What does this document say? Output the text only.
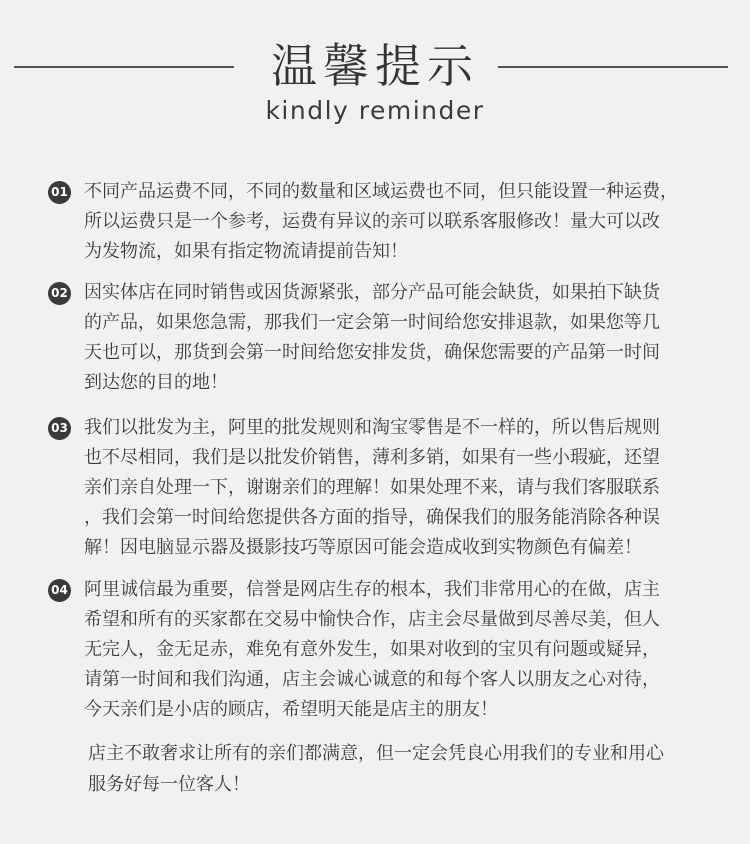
温馨提示
kindly reminder
01 不同产品运费不同，不同的数量和区域运费也不同，但只能设置一种运费，
所以运费只是一个参考，运费有异议的亲可以联系客服修改！量大可以改
为发物流，如果有指定物流请提前告知！
02 因实体店在同时销售或因货源紧张，部分产品可能会缺货，如果拍下缺货
的产品，如果您急需，那我们一定会第一时间给您安排退款，如果您等几
天也可以，那货到会第一时间给您安排发货，确保您需要的产品第一时间
到达您的目的地！
03 我们以批发为主，阿里的批发规则和淘宝零售是不一样的，所以售后规则
也不尽相同，我们是以批发价销售，薄利多销，如果有一些小瑕疵，还望
亲们亲自处理一下，谢谢亲们的理解！如果处理不来，请与我们客服联系
，我们会第一时间给您提供各方面的指导，确保我们的服务能消除各种误
解！因电脑显示器及摄影技巧等原因可能会造成收到实物颜色有偏差！
04 阿里诚信最为重要，信誉是网店生存的根本，我们非常用心的在做，店主
希望和所有的买家都在交易中愉快合作，店主会尽量做到尽善尽美，但人
无完人，金无足赤，难免有意外发生，如果对收到的宝贝有问题或疑异，
请第一时间和我们沟通，店主会诚心诚意的和每个客人以朋友之心对待，
今天亲们是小店的顾店，希望明天能是店主的朋友！
店主不敢奢求让所有的亲们都满意，但一定会凭良心用我们的专业和用心
服务好每一位客人！
